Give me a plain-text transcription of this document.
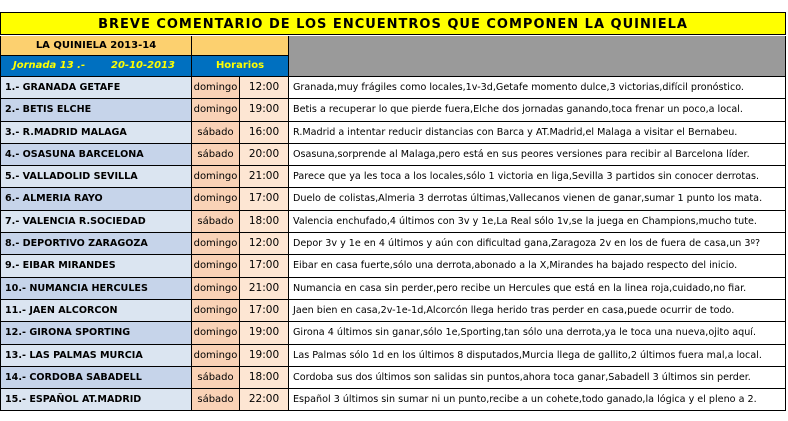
BREVE COMENTARIO DE LOS ENCUENTROS QUE COMPONEN LA QUINIELA
LA QUINIELA 2013-14
Jornada 13 .-	20-10-2013	Horarios
1.- GRANADA GETAFE	domingo	12:00	Granada,muy frágiles como locales,1v-3d,Getafe momento dulce,3 victorias,difícil pronóstico.
2.- BETIS ELCHE	domingo	19:00	Betis a recuperar lo que pierde fuera,Elche dos jornadas ganando,toca frenar un poco,a local.
3.- R.MADRID MALAGA	sábado	16:00	R.Madrid a intentar reducir distancias con Barca y AT.Madrid,el Malaga a visitar el Bernabeu.
4.- OSASUNA BARCELONA	sábado	20:00	Osasuna,sorprende al Malaga,pero está en sus peores versiones para recibir al Barcelona líder.
5.- VALLADOLID SEVILLA	domingo	21:00	Parece que ya les toca a los locales,sólo 1 victoria en liga,Sevilla 3 partidos sin conocer derrotas.
6.- ALMERIA RAYO	domingo	17:00	Duelo de colistas,Almeria 3 derrotas últimas,Vallecanos vienen de ganar,sumar 1 punto los mata.
7.- VALENCIA R.SOCIEDAD	sábado	18:00	Valencia enchufado,4 últimos con 3v y 1e,La Real sólo 1v,se la juega en Champions,mucho tute.
8.- DEPORTIVO ZARAGOZA	domingo	12:00	Depor 3v y 1e en 4 últimos y aún con dificultad gana,Zaragoza 2v en los de fuera de casa,un 3º?
9.- EIBAR MIRANDES	domingo	17:00	Eibar en casa fuerte,sólo una derrota,abonado a la X,Mirandes ha bajado respecto del inicio.
10.- NUMANCIA HERCULES	domingo	21:00	Numancia en casa sin perder,pero recibe un Hercules que está en la linea roja,cuidado,no fiar.
11.- JAEN ALCORCON	domingo	17:00	Jaen bien en casa,2v-1e-1d,Alcorcón llega herido tras perder en casa,puede ocurrir de todo.
12.- GIRONA SPORTING	domingo	19:00	Girona 4 últimos sin ganar,sólo 1e,Sporting,tan sólo una derrota,ya le toca una nueva,ojito aquí.
13.- LAS PALMAS MURCIA	domingo	19:00	Las Palmas sólo 1d en los últimos 8 disputados,Murcia llega de gallito,2 últimos fuera mal,a local.
14.- CORDOBA SABADELL	sábado	18:00	Cordoba sus dos últimos son salidas sin puntos,ahora toca ganar,Sabadell 3 últimos sin perder.
15.- ESPAÑOL AT.MADRID	sábado	22:00	Español 3 últimos sin sumar ni un punto,recibe a un cohete,todo ganado,la lógica y el pleno a 2.
